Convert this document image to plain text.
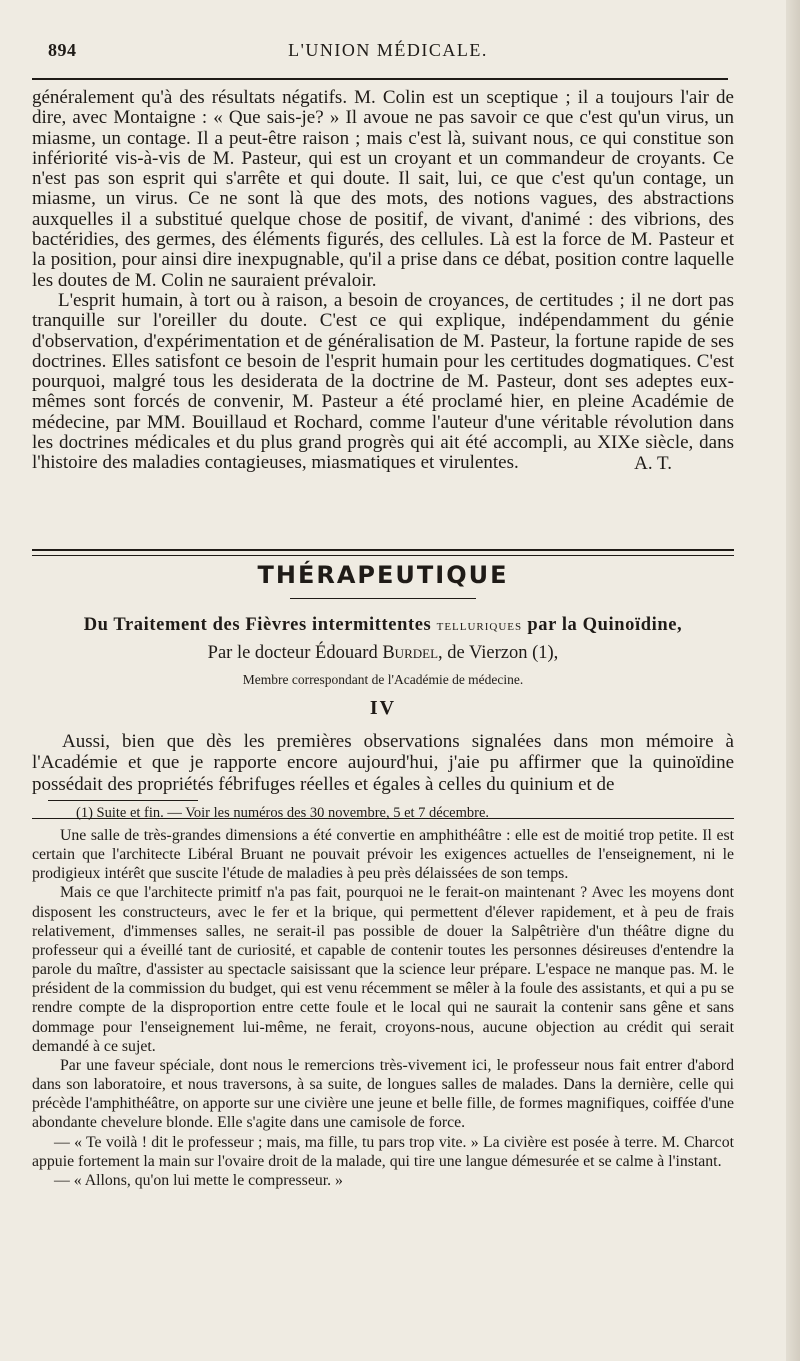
894	L'UNION MÉDICALE.

généralement qu'à des résultats négatifs. M. Colin est un sceptique ; il a toujours l'air de dire, avec Montaigne : « Que sais-je? » Il avoue ne pas savoir ce que c'est qu'un virus, un miasme, un contage. Il a peut-être raison ; mais c'est là, suivant nous, ce qui constitue son infériorité vis-à-vis de M. Pasteur, qui est un croyant et un commandeur de croyants. Ce n'est pas son esprit qui s'arrête et qui doute. Il sait, lui, ce que c'est qu'un contage, un miasme, un virus. Ce ne sont là que des mots, des notions vagues, des abstractions auxquelles il a substitué quelque chose de positif, de vivant, d'animé : des vibrions, des bactéridies, des germes, des éléments figurés, des cellules. Là est la force de M. Pasteur et la position, pour ainsi dire inexpugnable, qu'il a prise dans ce débat, position contre laquelle les doutes de M. Colin ne sauraient prévaloir.

L'esprit humain, à tort ou à raison, a besoin de croyances, de certitudes ; il ne dort pas tranquille sur l'oreiller du doute. C'est ce qui explique, indépendamment du génie d'observation, d'expérimentation et de généralisation de M. Pasteur, la fortune rapide de ses doctrines. Elles satisfont ce besoin de l'esprit humain pour les certitudes dogmatiques. C'est pourquoi, malgré tous les desiderata de la doctrine de M. Pasteur, dont ses adeptes eux-mêmes sont forcés de convenir, M. Pasteur a été proclamé hier, en pleine Académie de médecine, par MM. Bouillaud et Rochard, comme l'auteur d'une véritable révolution dans les doctrines médicales et du plus grand progrès qui ait été accompli, au XIXe siècle, dans l'histoire des maladies contagieuses, miasmatiques et virulentes.	A. T.
THÉRAPEUTIQUE
Du Traitement des Fièvres intermittentes telluriques par la Quinoïdine,
Par le docteur Édouard Burdel, de Vierzon (1),
Membre correspondant de l'Académie de médecine.
IV

Aussi, bien que dès les premières observations signalées dans mon mémoire à l'Académie et que je rapporte encore aujourd'hui, j'aie pu affirmer que la quinoïdine possédait des propriétés fébrifuges réelles et égales à celles du quinium et de

(1) Suite et fin. — Voir les numéros des 30 novembre, 5 et 7 décembre.

Une salle de très-grandes dimensions a été convertie en amphithéâtre : elle est de moitié trop petite. Il est certain que l'architecte Libéral Bruant ne pouvait prévoir les exigences actuelles de l'enseignement, ni le prodigieux intérêt que suscite l'étude de maladies à peu près délaissées de son temps.

Mais ce que l'architecte primitf n'a pas fait, pourquoi ne le ferait-on maintenant ? Avec les moyens dont disposent les constructeurs, avec le fer et la brique, qui permettent d'élever rapidement, et à peu de frais relativement, d'immenses salles, ne serait-il pas possible de douer la Salpêtrière d'un théâtre digne du professeur qui a éveillé tant de curiosité, et capable de contenir toutes les personnes désireuses d'entendre la parole du maître, d'assister au spectacle saisissant que la science leur prépare. L'espace ne manque pas. M. le président de la commission du budget, qui est venu récemment se mêler à la foule des assistants, et qui a pu se rendre compte de la disproportion entre cette foule et le local qui ne saurait la contenir sans gêne et sans dommage pour l'enseignement lui-même, ne ferait, croyons-nous, aucune objection au crédit qui serait demandé à ce sujet.

Par une faveur spéciale, dont nous le remercions très-vivement ici, le professeur nous fait entrer d'abord dans son laboratoire, et nous traversons, à sa suite, de longues salles de malades. Dans la dernière, celle qui précède l'amphithéâtre, on apporte sur une civière une jeune et belle fille, de formes magnifiques, coiffée d'une abondante chevelure blonde. Elle s'agite dans une camisole de force.

— « Te voilà ! dit le professeur ; mais, ma fille, tu pars trop vite. » La civière est posée à terre. M. Charcot appuie fortement la main sur l'ovaire droit de la malade, qui tire une langue démesurée et se calme à l'instant.

— « Allons, qu'on lui mette le compresseur. »
